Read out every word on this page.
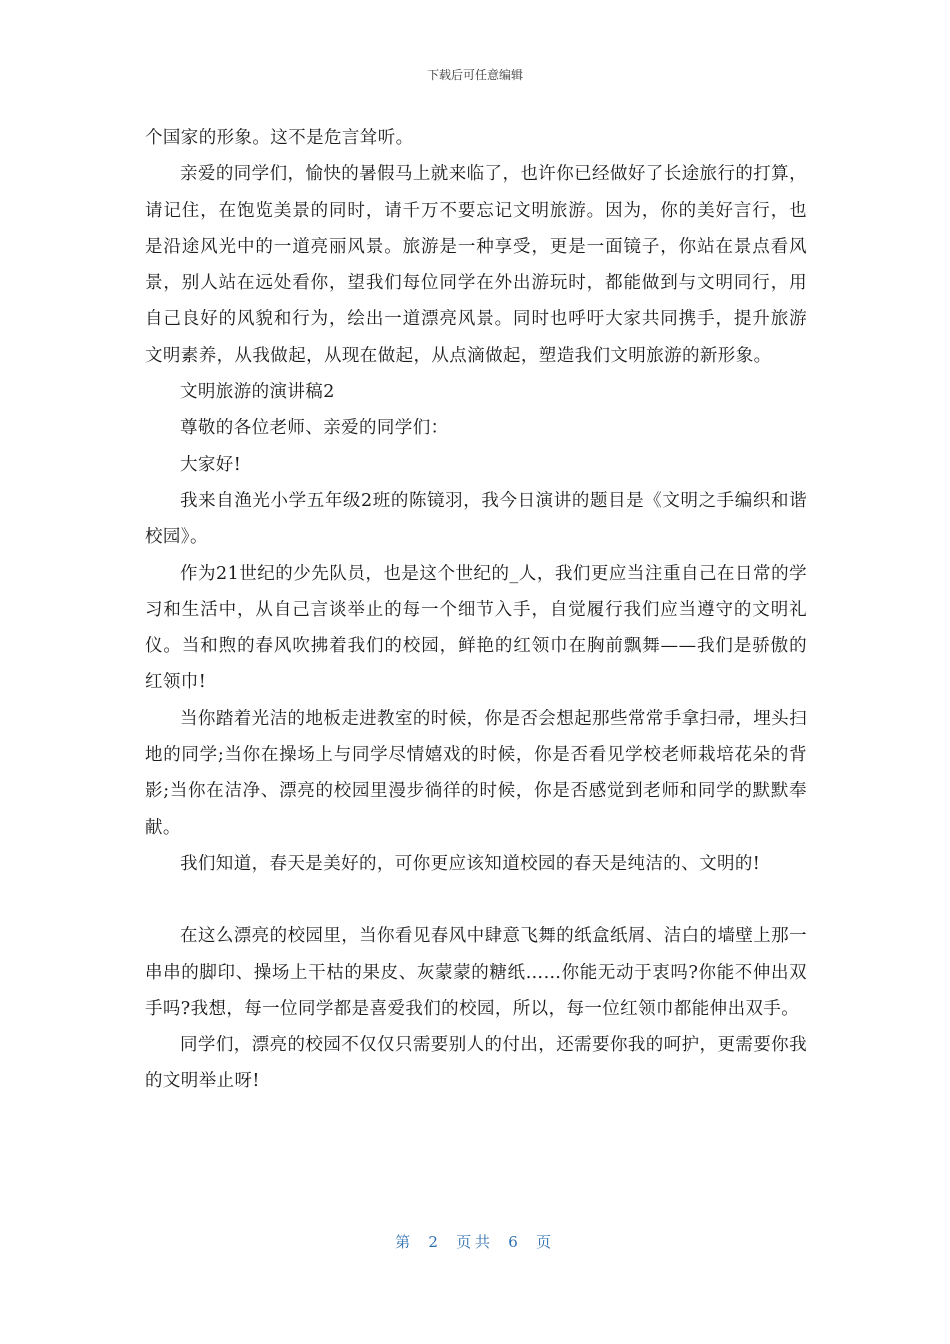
下载后可任意编辑

个国家的形象。这不是危言耸听。

亲爱的同学们，愉快的暑假马上就来临了，也许你已经做好了长途旅行的打算，请记住，在饱览美景的同时，请千万不要忘记文明旅游。因为，你的美好言行，也是沿途风光中的一道亮丽风景。旅游是一种享受，更是一面镜子，你站在景点看风景，别人站在远处看你，望我们每位同学在外出游玩时，都能做到与文明同行，用自己良好的风貌和行为，绘出一道漂亮风景。同时也呼吁大家共同携手，提升旅游文明素养，从我做起，从现在做起，从点滴做起，塑造我们文明旅游的新形象。

文明旅游的演讲稿2

尊敬的各位老师、亲爱的同学们：

大家好!

我来自渔光小学五年级2班的陈镜羽，我今日演讲的题目是《文明之手编织和谐校园》。

作为21世纪的少先队员，也是这个世纪的_人，我们更应当注重自己在日常的学习和生活中，从自己言谈举止的每一个细节入手，自觉履行我们应当遵守的文明礼仪。当和煦的春风吹拂着我们的校园，鲜艳的红领巾在胸前飘舞——我们是骄傲的红领巾!

当你踏着光洁的地板走进教室的时候，你是否会想起那些常常手拿扫帚，埋头扫地的同学;当你在操场上与同学尽情嬉戏的时候，你是否看见学校老师栽培花朵的背影;当你在洁净、漂亮的校园里漫步徜徉的时候，你是否感觉到老师和同学的默默奉献。

我们知道，春天是美好的，可你更应该知道校园的春天是纯洁的、文明的!

在这么漂亮的校园里，当你看见春风中肆意飞舞的纸盒纸屑、洁白的墙壁上那一串串的脚印、操场上干枯的果皮、灰蒙蒙的糖纸……你能无动于衷吗?你能不伸出双手吗?我想，每一位同学都是喜爱我们的校园，所以，每一位红领巾都能伸出双手。

同学们，漂亮的校园不仅仅只需要别人的付出，还需要你我的呵护，更需要你我的文明举止呀!

第 2 页共 6 页
